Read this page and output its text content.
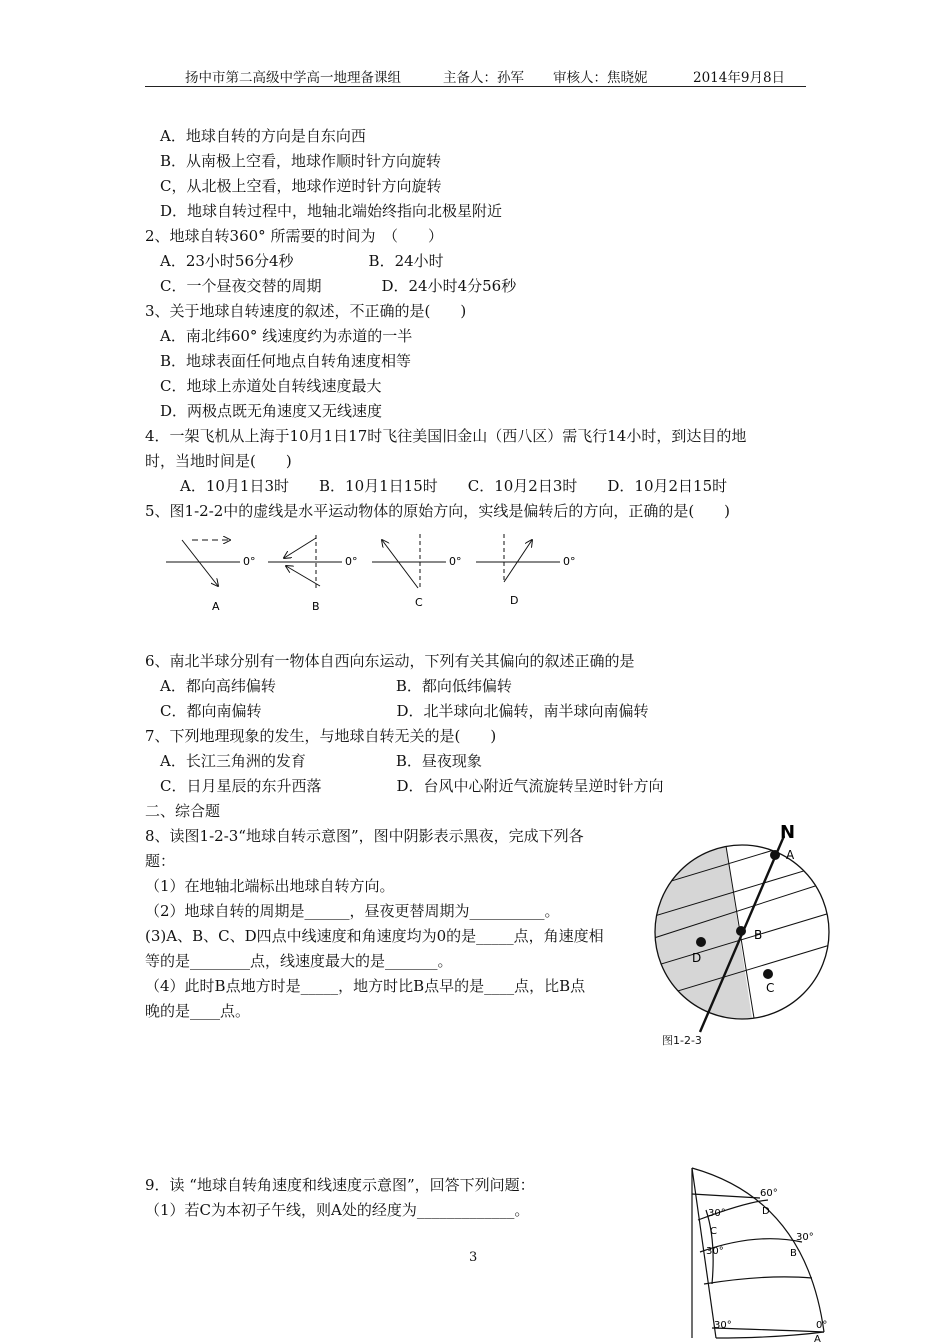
扬中市第二高级中学高一地理备课组	主备人：孙军 审核人：焦晓妮	2014年9月8日
A．地球自转的方向是自东向西
B．从南极上空看，地球作顺时针方向旋转
C，从北极上空看，地球作逆时针方向旋转
D．地球自转过程中，地轴北端始终指向北极星附近
2、地球自转360° 所需要的时间为　（　　）
A．23小时56分4秒　　　　　B．24小时
C．一个昼夜交替的周期　　　　D．24小时4分56秒
3、关于地球自转速度的叙述，不正确的是(　　)
A．南北纬60° 线速度约为赤道的一半
B．地球表面任何地点自转角速度相等
C．地球上赤道处自转线速度最大
D．两极点既无角速度又无线速度
4．一架飞机从上海于10月1日17时飞往美国旧金山（西八区）需飞行14小时，到达目的地
时，当地时间是(　　)
A．10月1日3时　　B．10月1日15时　　C．10月2日3时　　D．10月2日15时
5、图1-2-2中的虚线是水平运动物体的原始方向，实线是偏转后的方向，正确的是(　　)
0°
A
0°
B
0°
C
0°
D
6、南北半球分别有一物体自西向东运动，下列有关其偏向的叙述正确的是
A．都向高纬偏转　　　　　　　　B．都向低纬偏转
C．都向南偏转　　　　　　　　　D．北半球向北偏转，南半球向南偏转
7、下列地理现象的发生，与地球自转无关的是(　　)
A．长江三角洲的发育　　　　　　B．昼夜现象
C．日月星辰的东升西落　　　　　D．台风中心附近气流旋转呈逆时针方向
二、综合题
8、读图1-2-3“地球自转示意图”，图中阴影表示黑夜，完成下列各
题：
（1）在地轴北端标出地球自转方向。
（2）地球自转的周期是______，昼夜更替周期为__________。
(3)A、B、C、D四点中线速度和角速度均为0的是_____点，角速度相
等的是________点，线速度最大的是_______。
（4）此时B点地方时是_____，地方时比B点早的是____点，比B点
晚的是____点。
N
A
B
C
D
图1-2-3
9．读 “地球自转角速度和线速度示意图”，回答下列问题：
（1）若C为本初子午线，则A处的经度为_____________。
60°
30°
0°
30°
30°
30°
D
C
B
A
3
